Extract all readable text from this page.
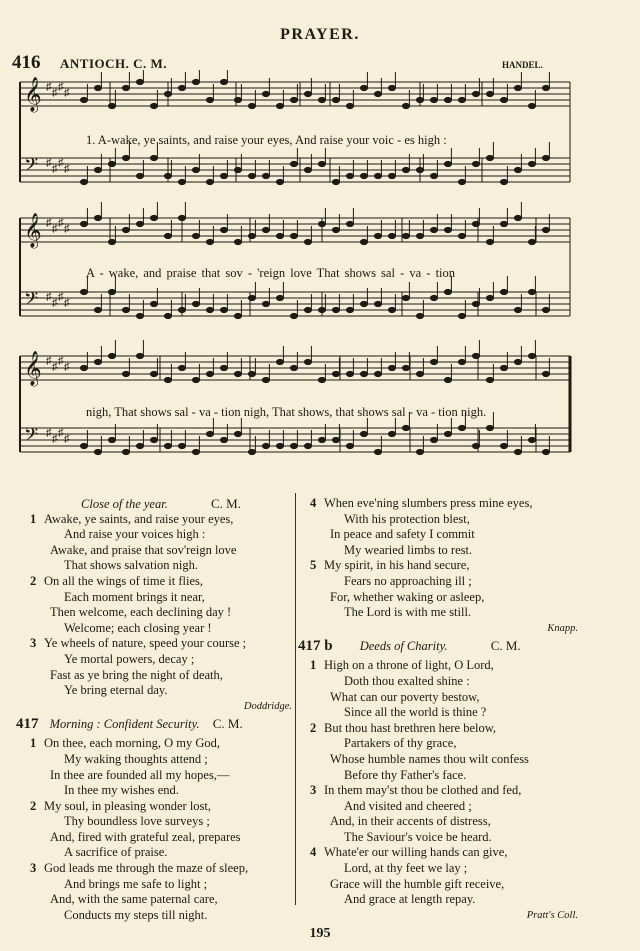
PRAYER.
416 ANTIOCH. C. M.	HANDEL.
𝄞
𝄢
♯ ♯ ♯ ♯
♯ ♯ ♯ ♯
𝄞
𝄢
♯ ♯ ♯ ♯
♯ ♯ ♯ ♯
𝄞
𝄢
♯ ♯ ♯ ♯
♯ ♯ ♯ ♯
1. A-wake, ye saints, and raise your eyes, And raise your voic - es high :
A - wake, and praise that sov - 'reign love That shows sal - va - tion
nigh, That shows sal - va - tion nigh, That shows, that shows sal - va - tion nigh.
Close of the year.	C. M.
1 Awake, ye saints, and raise your eyes,
And raise your voices high :
Awake, and praise that sov'reign love
That shows salvation nigh.
2 On all the wings of time it flies,
Each moment brings it near,
Then welcome, each declining day !
Welcome; each closing year !
3 Ye wheels of nature, speed your course ;
Ye mortal powers, decay ;
Fast as ye bring the night of death,
Ye bring eternal day.
Doddridge.
417 Morning : Confident Security. C. M.
1 On thee, each morning, O my God,
My waking thoughts attend ;
In thee are founded all my hopes,—
In thee my wishes end.
2 My soul, in pleasing wonder lost,
Thy boundless love surveys ;
And, fired with grateful zeal, prepares
A sacrifice of praise.
3 God leads me through the maze of sleep,
And brings me safe to light ;
And, with the same paternal care,
Conducts my steps till night.
4 When eve'ning slumbers press mine eyes,
With his protection blest,
In peace and safety I commit
My wearied limbs to rest.
5 My spirit, in his hand secure,
Fears no approaching ill ;
For, whether waking or asleep,
The Lord is with me still.
Knapp.
417 b Deeds of Charity.	C. M.
1 High on a throne of light, O Lord,
Doth thou exalted shine :
What can our poverty bestow,
Since all the world is thine ?
2 But thou hast brethren here below,
Partakers of thy grace,
Whose humble names thou wilt confess
Before thy Father's face.
3 In them may'st thou be clothed and fed,
And visited and cheered ;
And, in their accents of distress,
The Saviour's voice be heard.
4 Whate'er our willing hands can give,
Lord, at thy feet we lay ;
Grace will the humble gift receive,
And grace at length repay.
Pratt's Coll.
195
